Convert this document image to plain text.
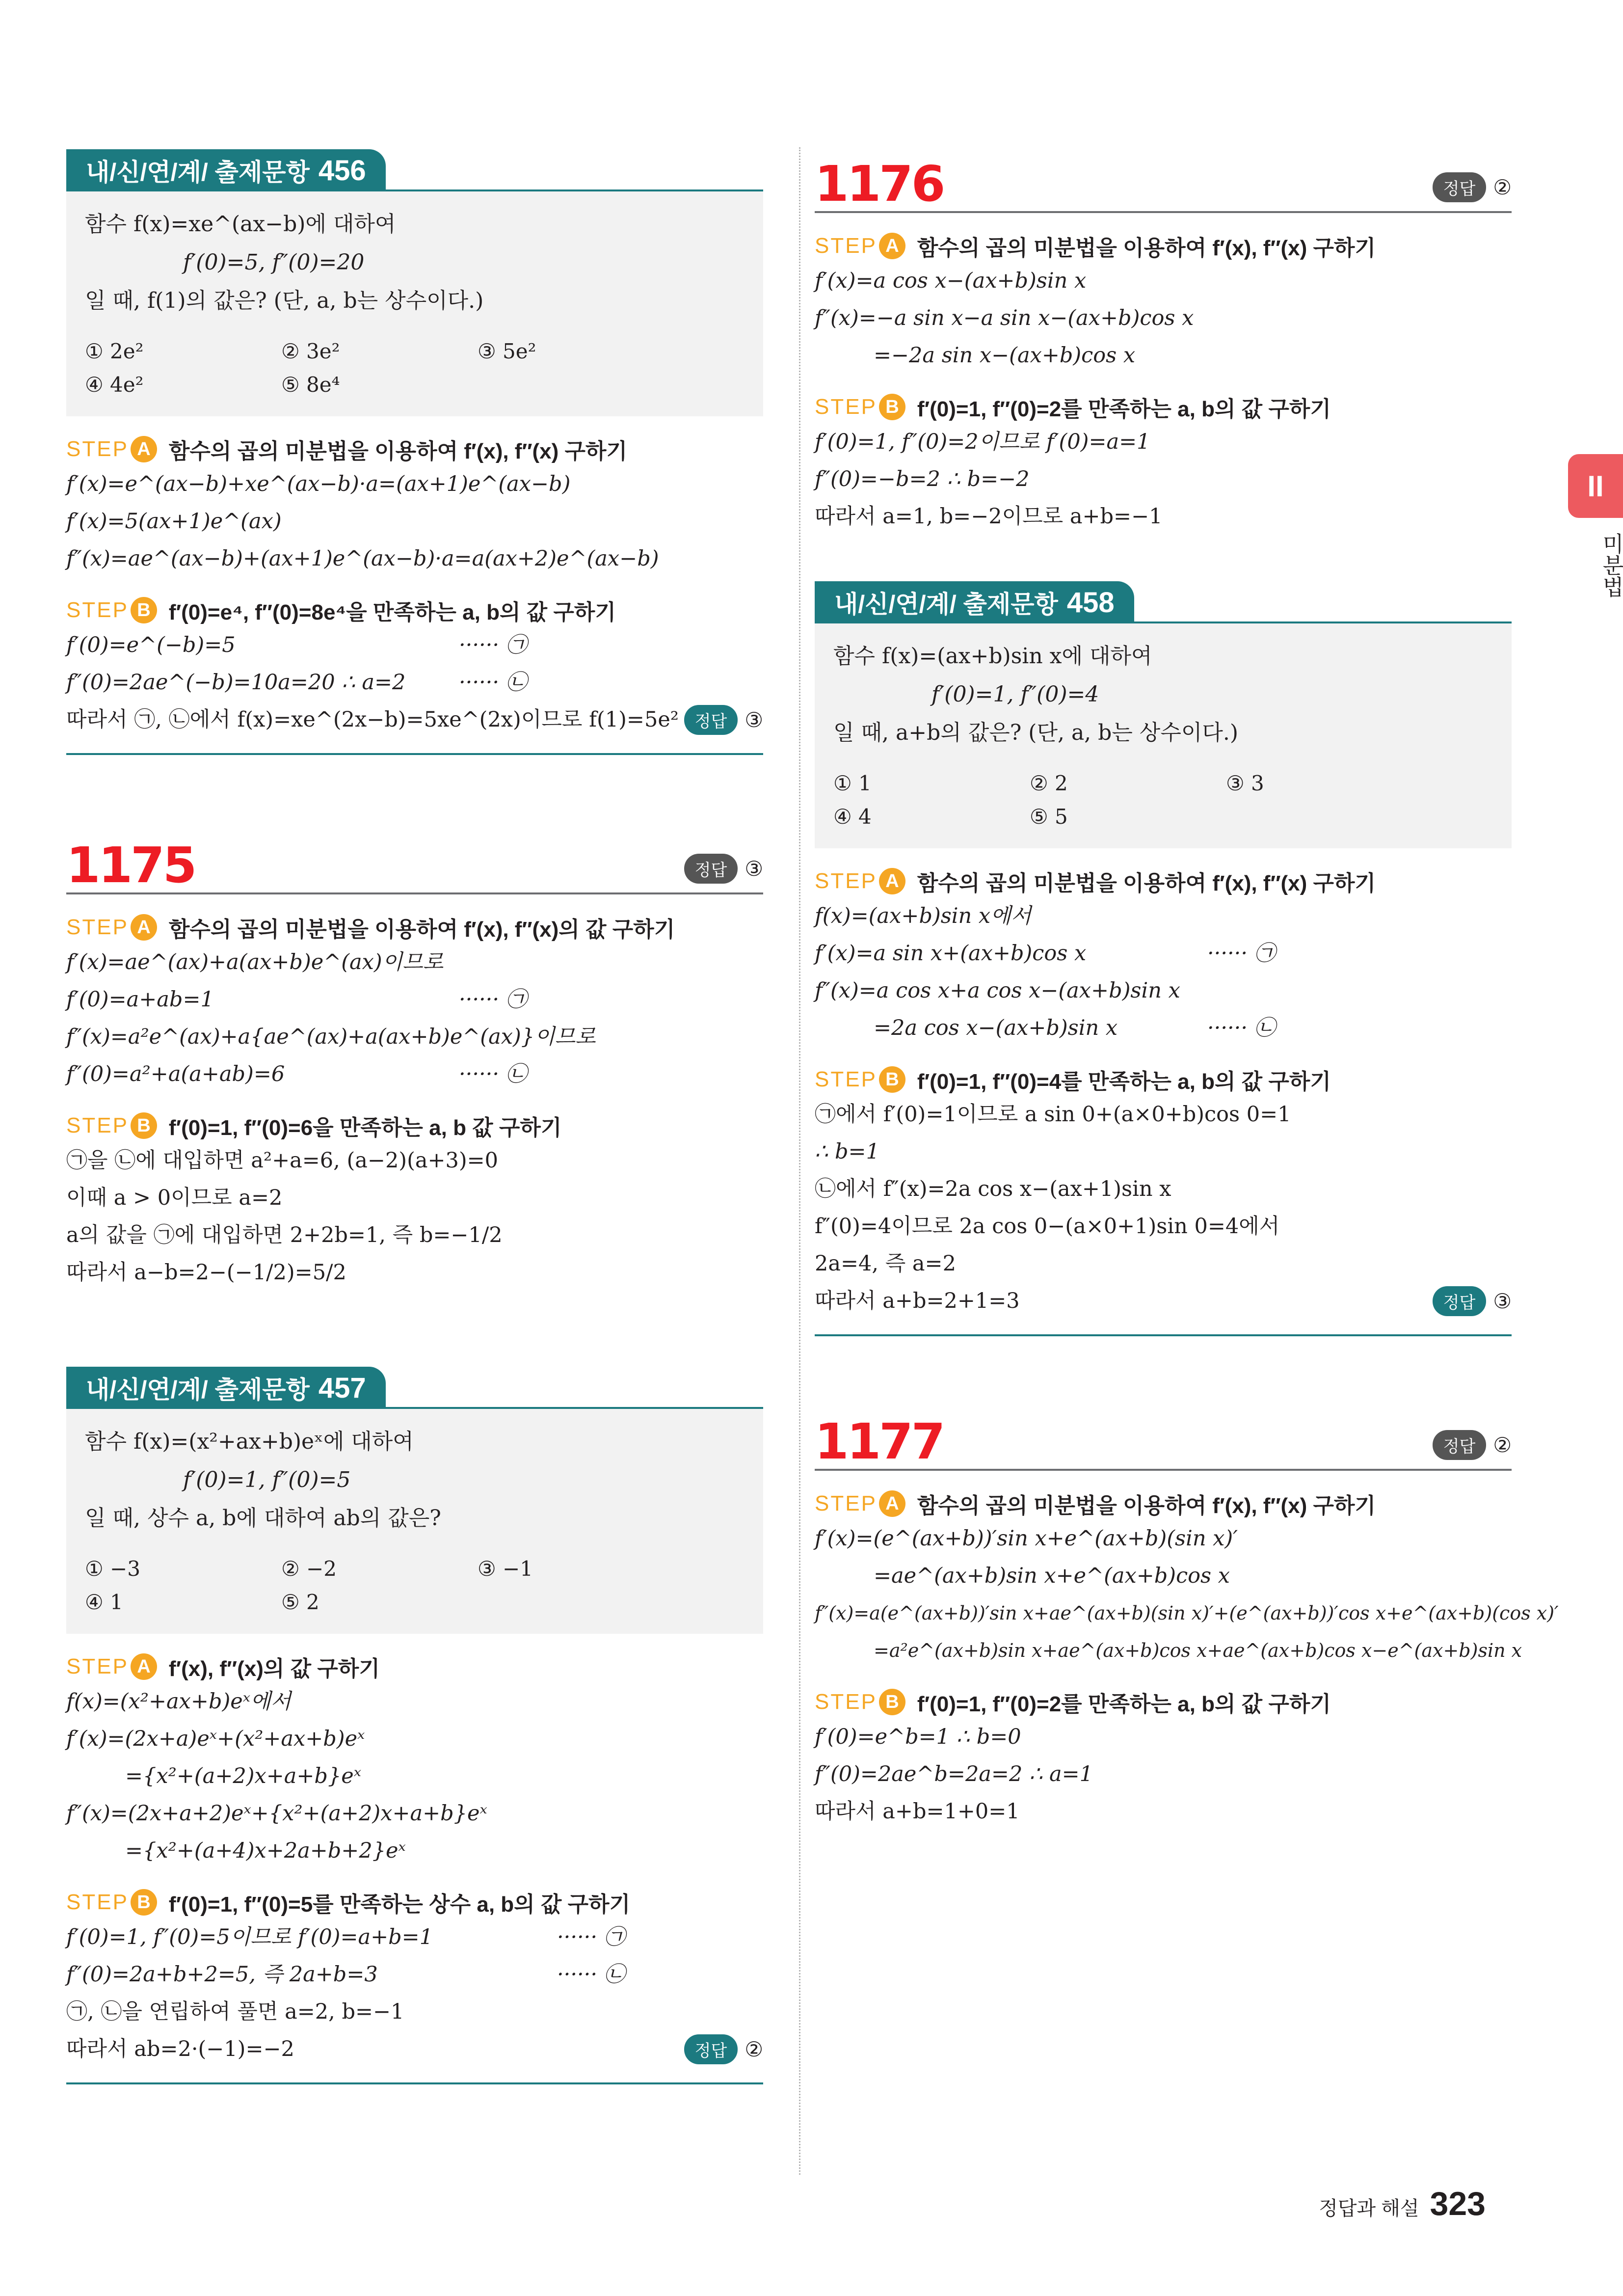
내/신/연/계/ 출제문항 456
함수 f(x)=xe^(ax−b)에 대하여
f′(0)=5, f″(0)=20
일 때, f(1)의 값은? (단, a, b는 상수이다.)
① 2e²	② 3e²	③ 5e²
④ 4e²	⑤ 8e⁴
STEP A 함수의 곱의 미분법을 이용하여 f′(x), f″(x) 구하기
f′(x)=e^(ax−b)+xe^(ax−b)·a=(ax+1)e^(ax−b)
f′(x)=5(ax+1)e^(ax)
f″(x)=ae^(ax−b)+(ax+1)e^(ax−b)·a=a(ax+2)e^(ax−b)
STEP B f′(0)=e⁴, f″(0)=8e⁴을 만족하는 a, b의 값 구하기
f′(0)=e^(−b)=5	······ ㉠
f″(0)=2ae^(−b)=10a=20 ∴ a=2	······ ㉡
따라서 ㉠, ㉡에서 f(x)=xe^(2x−b)=5xe^(2x)이므로 f(1)=5e² 정답 ③
1175	정답 ③
STEP A 함수의 곱의 미분법을 이용하여 f′(x), f″(x)의 값 구하기
f′(x)=ae^(ax)+a(ax+b)e^(ax)이므로
f′(0)=a+ab=1	······ ㉠
f″(x)=a²e^(ax)+a{ae^(ax)+a(ax+b)e^(ax)}이므로
f″(0)=a²+a(a+ab)=6	······ ㉡
STEP B f′(0)=1, f″(0)=6을 만족하는 a, b 값 구하기
㉠을 ㉡에 대입하면 a²+a=6, (a−2)(a+3)=0
이때 a > 0이므로 a=2
a의 값을 ㉠에 대입하면 2+2b=1, 즉 b=−1/2
따라서 a−b=2−(−1/2)=5/2
내/신/연/계/ 출제문항 457
함수 f(x)=(x²+ax+b)eˣ에 대하여
f′(0)=1, f″(0)=5
일 때, 상수 a, b에 대하여 ab의 값은?
① −3	② −2	③ −1
④ 1	⑤ 2
STEP A f′(x), f″(x)의 값 구하기
f(x)=(x²+ax+b)eˣ에서
f′(x)=(2x+a)eˣ+(x²+ax+b)eˣ
={x²+(a+2)x+a+b}eˣ
f″(x)=(2x+a+2)eˣ+{x²+(a+2)x+a+b}eˣ
={x²+(a+4)x+2a+b+2}eˣ
STEP B f′(0)=1, f″(0)=5를 만족하는 상수 a, b의 값 구하기
f′(0)=1, f″(0)=5이므로 f′(0)=a+b=1	······ ㉠
f″(0)=2a+b+2=5, 즉 2a+b=3	······ ㉡
㉠, ㉡을 연립하여 풀면 a=2, b=−1
따라서 ab=2·(−1)=−2	정답 ②
1176	정답 ②
STEP A 함수의 곱의 미분법을 이용하여 f′(x), f″(x) 구하기
f′(x)=a cos x−(ax+b)sin x
f″(x)=−a sin x−a sin x−(ax+b)cos x
=−2a sin x−(ax+b)cos x
STEP B f′(0)=1, f″(0)=2를 만족하는 a, b의 값 구하기
f′(0)=1, f″(0)=2이므로 f′(0)=a=1
f″(0)=−b=2 ∴ b=−2
따라서 a=1, b=−2이므로 a+b=−1
내/신/연/계/ 출제문항 458
함수 f(x)=(ax+b)sin x에 대하여
f′(0)=1, f″(0)=4
일 때, a+b의 값은? (단, a, b는 상수이다.)
① 1	② 2	③ 3
④ 4	⑤ 5
STEP A 함수의 곱의 미분법을 이용하여 f′(x), f″(x) 구하기
f(x)=(ax+b)sin x에서
f′(x)=a sin x+(ax+b)cos x	······ ㉠
f″(x)=a cos x+a cos x−(ax+b)sin x
=2a cos x−(ax+b)sin x	······ ㉡
STEP B f′(0)=1, f″(0)=4를 만족하는 a, b의 값 구하기
㉠에서 f′(0)=1이므로 a sin 0+(a×0+b)cos 0=1
∴ b=1
㉡에서 f″(x)=2a cos x−(ax+1)sin x
f″(0)=4이므로 2a cos 0−(a×0+1)sin 0=4에서
2a=4, 즉 a=2
따라서 a+b=2+1=3	정답 ③
1177	정답 ②
STEP A 함수의 곱의 미분법을 이용하여 f′(x), f″(x) 구하기
f′(x)=(e^(ax+b))′sin x+e^(ax+b)(sin x)′
=ae^(ax+b)sin x+e^(ax+b)cos x
f″(x)=a(e^(ax+b))′sin x+ae^(ax+b)(sin x)′+(e^(ax+b))′cos x+e^(ax+b)(cos x)′
=a²e^(ax+b)sin x+ae^(ax+b)cos x+ae^(ax+b)cos x−e^(ax+b)sin x
STEP B f′(0)=1, f″(0)=2를 만족하는 a, b의 값 구하기
f′(0)=e^b=1 ∴ b=0
f″(0)=2ae^b=2a=2 ∴ a=1
따라서 a+b=1+0=1
II
미분법
정답과 해설 323
